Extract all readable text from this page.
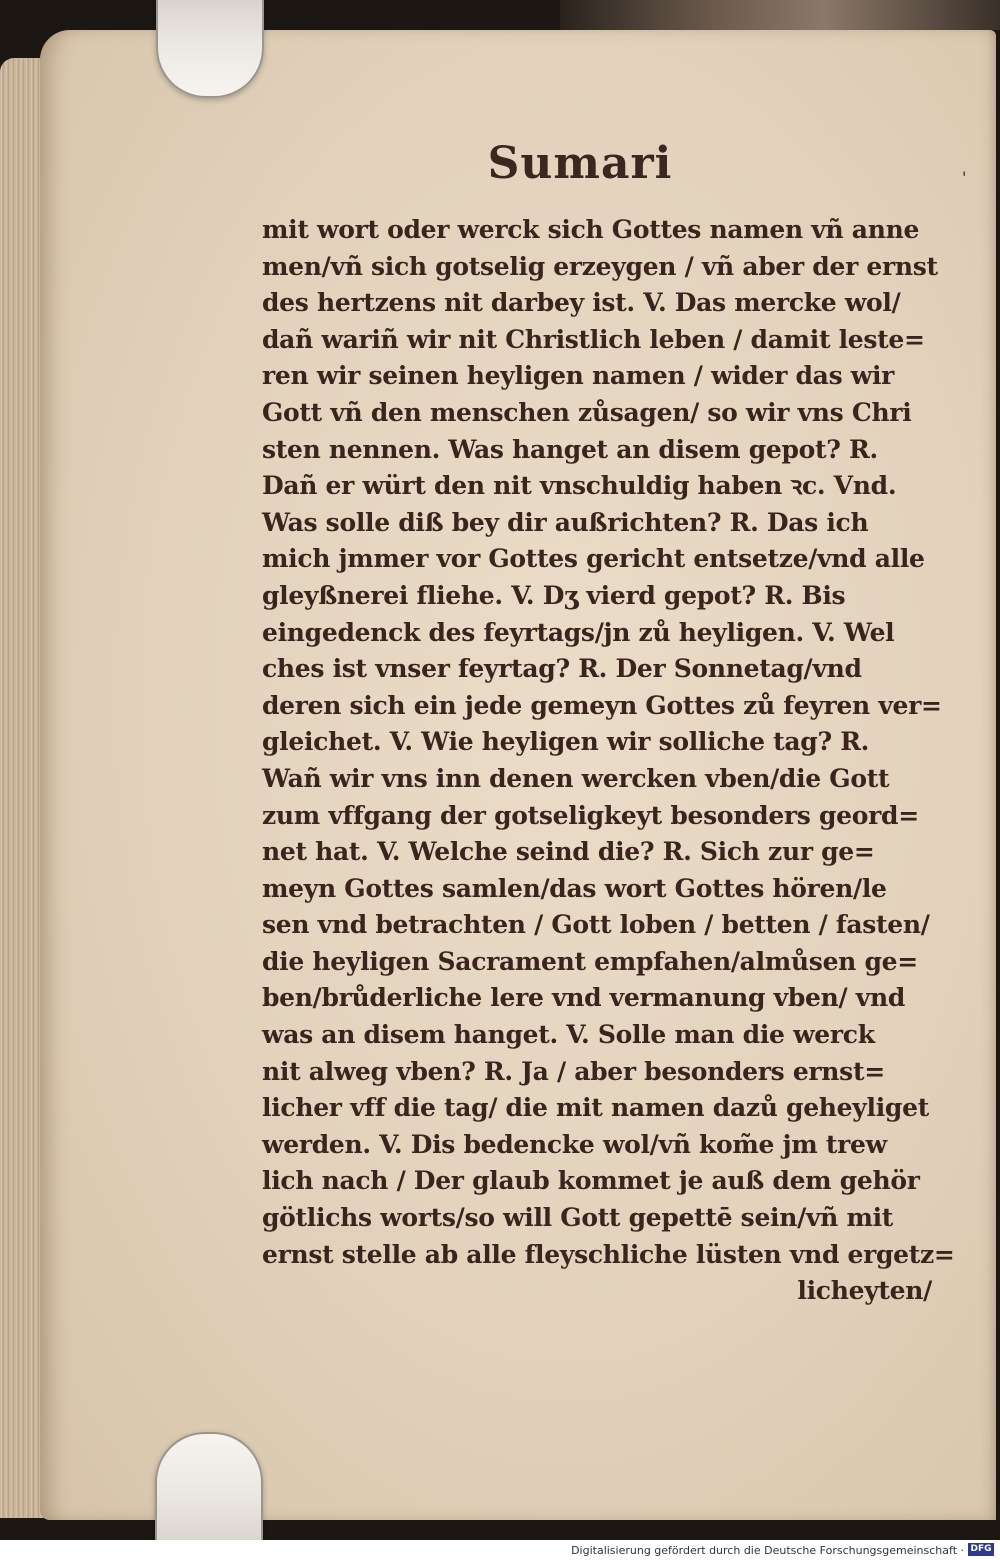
Sumari	'
mit wort oder werck sich Gottes namen vñ anne
men/vñ sich gotselig erzeygen / vñ aber der ernst
des hertzens nit darbey ist. V. Das mercke wol/
dañ wariñ wir nit Christlich leben / damit leste=
ren wir seinen heyligen namen / wider das wir
Gott vñ den menschen zůsagen/ so wir vns Chri
sten nennen. Was hanget an disem gepot? R.
Dañ er würt den nit vnschuldig haben ꝛc. Vnd.
Was solle diß bey dir außrichten? R. Das ich
mich jmmer vor Gottes gericht entsetze/vnd alle
gleyßnerei fliehe. V. Dʒ vierd gepot? R. Bis
eingedenck des feyrtags/jn zů heyligen. V. Wel
ches ist vnser feyrtag? R. Der Sonnetag/vnd
deren sich ein jede gemeyn Gottes zů feyren ver=
gleichet. V. Wie heyligen wir solliche tag? R.
Wañ wir vns inn denen wercken vben/die Gott
zum vffgang der gotseligkeyt besonders geord=
net hat. V. Welche seind die? R. Sich zur ge=
meyn Gottes samlen/das wort Gottes hören/le
sen vnd betrachten / Gott loben / betten / fasten/
die heyligen Sacrament empfahen/almůsen ge=
ben/brůderliche lere vnd vermanung vben/ vnd
was an disem hanget. V. Solle man die werck
nit alweg vben? R. Ja / aber besonders ernst=
licher vff die tag/ die mit namen dazů geheyliget
werden. V. Dis bedencke wol/vñ kom̃e jm trew
lich nach / Der glaub kommet je auß dem gehör
götlichs worts/so will Gott gepettē sein/vñ mit
ernst stelle ab alle fleyschliche lüsten vnd ergetz=
licheyten/
Digitalisierung gefördert durch die Deutsche Forschungsgemeinschaft · DFG
